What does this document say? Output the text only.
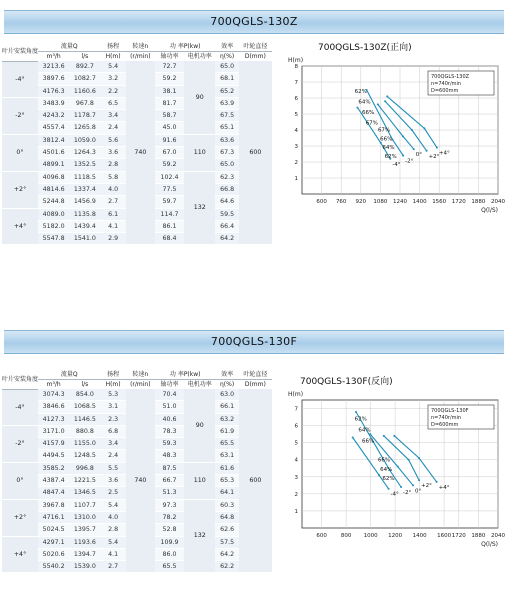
700QGLS-130Z
叶片安装角度	流量Q		扬程	转速n	功 率P(kw)		效率	叶轮直径
	m³/h	l/s	H(m)	(r/min)	轴功率	电机功率	η(%)	D(mm)
-4°	3213.6	892.7	5.4	740	72.7	90	65.0	600
	3897.6	1082.7	3.2		59.2		68.1	
	4176.3	1160.6	2.2		38.1		65.2	
-2°	3483.9	967.8	6.5		81.7		63.9	
	4243.2	1178.7	3.4		58.7		67.5	
	4557.4	1265.8	2.4		45.0		65.1	
0°	3812.4	1059.0	5.6		91.6	110	63.6	
	4501.6	1264.3	3.6		67.0		67.3	
	4899.1	1352.5	2.8		59.2		65.0	
+2°	4096.8	1118.5	5.8		102.4	132	62.3	
	4814.6	1337.4	4.0		77.5		66.8	
	5244.8	1456.9	2.7		59.7		64.6	
+4°	4089.0	1135.8	6.1		114.7		59.5	
	5182.0	1439.4	4.1		86.1		66.4	
	5547.8	1541.0	2.9		68.4		64.2	
700QGLS-130Z(正向)
600 760 920 1080 1240 1400 1560 1720 1880 2040
1
2
3
4
5
6
7
8
H(m)
Q(l/S)
700QGLS-130Z
n=740r/min
D=600mm
-4°
-2°
0° +2°
+4°
62%
64%
66%
67%
67%
66%
64%
62%
700QGLS-130F
叶片安装角度	流量Q		扬程	转速n	功 率P(kw)		效率	叶轮直径
	m³/h	l/s	H(m)	(r/min)	轴功率	电机功率	η(%)	D(mm)
-4°	3074.3	854.0	5.3	740	70.4	90	63.0	600
	3846.6	1068.5	3.1		51.0		66.1	
	4127.3	1146.5	2.3		40.6		63.2	
-2°	3171.0	880.8	6.8		78.3		61.9	
	4157.9	1155.0	3.4		59.3		65.5	
	4494.5	1248.5	2.4		48.3		63.1	
0°	3585.2	996.8	5.5		87.5	110	61.6	
	4387.4	1221.5	3.6		66.7		65.3	
	4847.4	1346.5	2.5		51.3		64.1	
+2°	3967.8	1107.7	5.4		97.3	132	60.3	
	4716.1	1310.0	4.0		78.2		64.8	
	5024.5	1395.7	2.8		52.8		62.6	
+4°	4297.1	1193.6	5.4		109.9		57.5	
	5020.6	1394.7	4.1		86.0		64.2	
	5540.2	1539.0	2.7		65.5		62.2	
700QGLS-130F(反向)
600	800 1000 1200 1400 1600 1720 1880 2040
1
2
3
4
5
6
7
H(m)
Q(l/S)
700QGLS-130F
n=740r/min
D=600mm
-4° -2° 0°
+2° +4°
62%
64%
66%
66%
64%
62%
